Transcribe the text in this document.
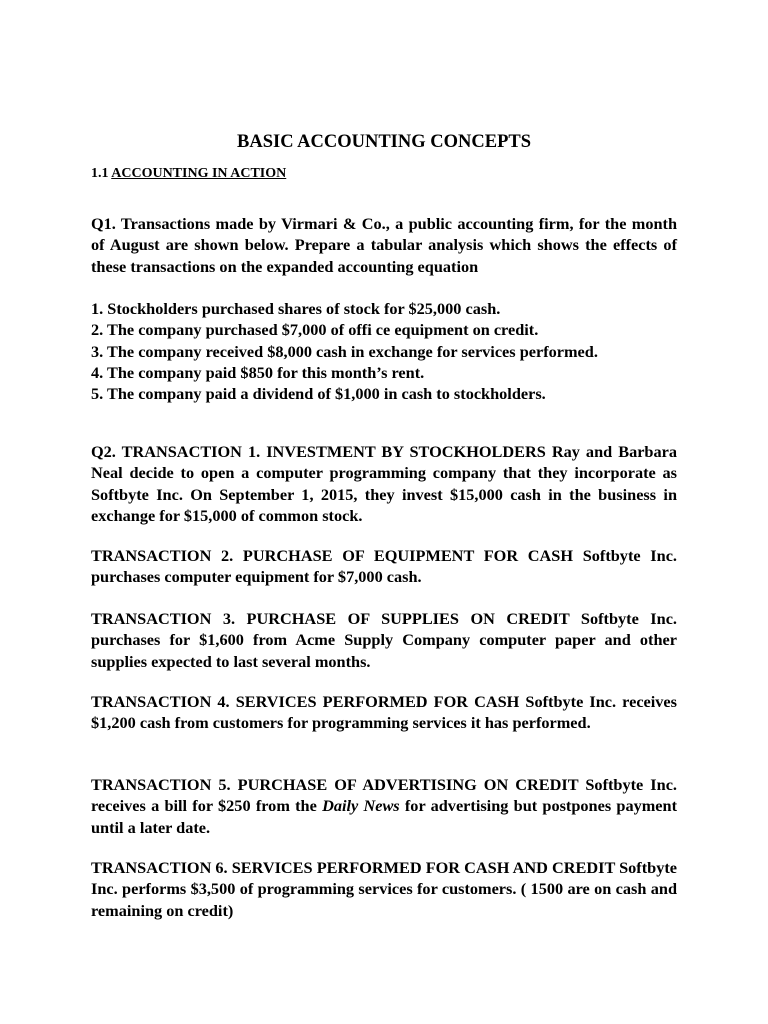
BASIC ACCOUNTING CONCEPTS
1.1 ACCOUNTING IN ACTION

Q1. Transactions made by Virmari & Co., a public accounting firm, for the month of August are shown below. Prepare a tabular analysis which shows the effects of these transactions on the expanded accounting equation

1. Stockholders purchased shares of stock for $25,000 cash.
2. The company purchased $7,000 of offi ce equipment on credit.
3. The company received $8,000 cash in exchange for services performed.
4. The company paid $850 for this month’s rent.
5. The company paid a dividend of $1,000 in cash to stockholders.

Q2. TRANSACTION 1. INVESTMENT BY STOCKHOLDERS Ray and Barbara Neal decide to open a computer programming company that they incorporate as Softbyte Inc. On September 1, 2015, they invest $15,000 cash in the business in exchange for $15,000 of common stock.

TRANSACTION 2. PURCHASE OF EQUIPMENT FOR CASH Softbyte Inc. purchases computer equipment for $7,000 cash.

TRANSACTION 3. PURCHASE OF SUPPLIES ON CREDIT Softbyte Inc. purchases for $1,600 from Acme Supply Company computer paper and other supplies expected to last several months.

TRANSACTION 4. SERVICES PERFORMED FOR CASH Softbyte Inc. receives $1,200 cash from customers for programming services it has performed.

TRANSACTION 5. PURCHASE OF ADVERTISING ON CREDIT Softbyte Inc. receives a bill for $250 from the Daily News for advertising but postpones payment until a later date.

TRANSACTION 6. SERVICES PERFORMED FOR CASH AND CREDIT Softbyte Inc. performs $3,500 of programming services for customers. ( 1500 are on cash and remaining on credit)
